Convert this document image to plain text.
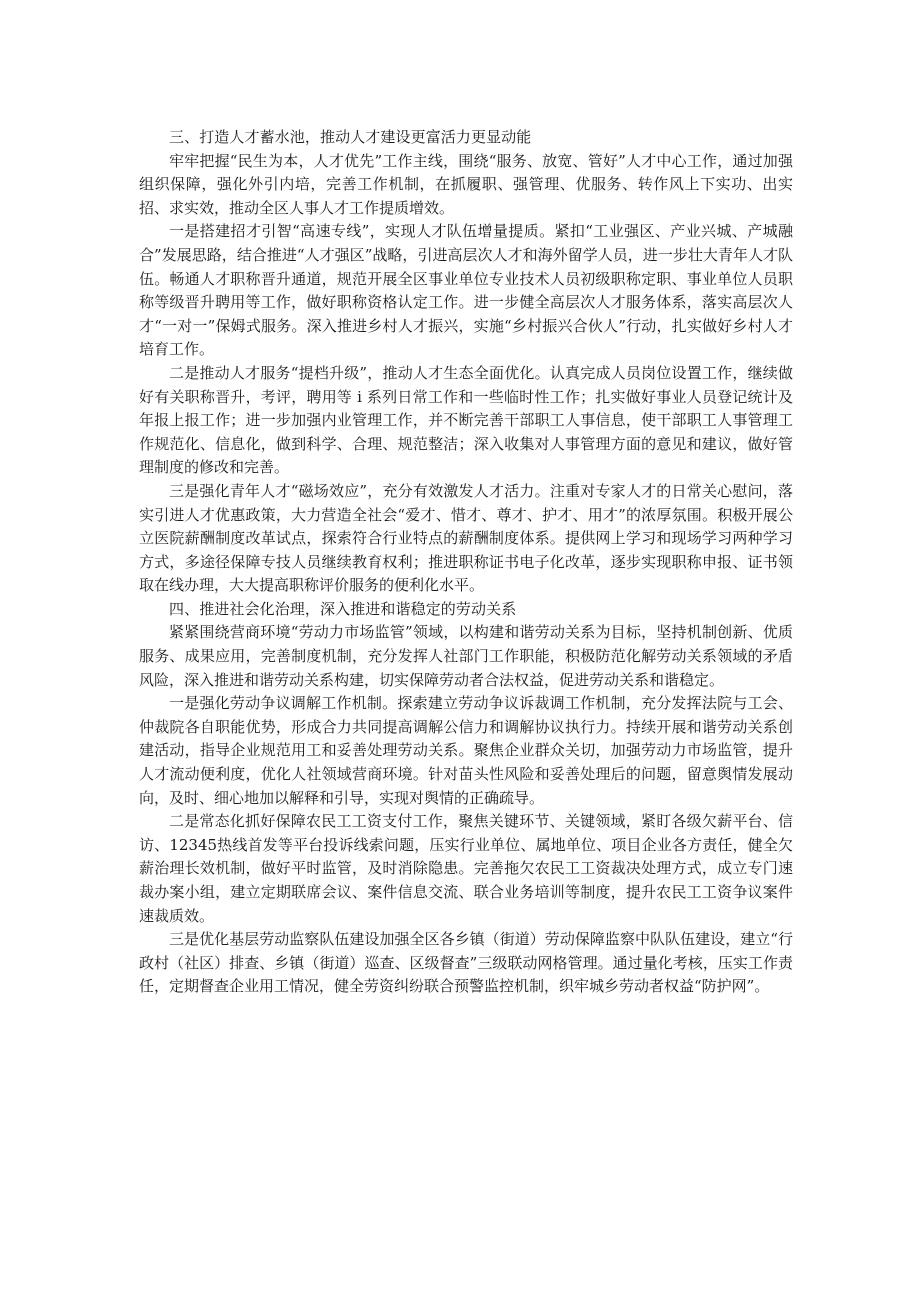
三、打造人才蓄水池，推动人才建设更富活力更显动能

牢牢把握“民生为本，人才优先”工作主线，围绕“服务、放宽、管好”人才中心工作，通过加强组织保障，强化外引内培，完善工作机制，在抓履职、强管理、优服务、转作风上下实功、出实招、求实效，推动全区人事人才工作提质增效。

一是搭建招才引智“高速专线”，实现人才队伍增量提质。紧扣“工业强区、产业兴城、产城融合”发展思路，结合推进“人才强区”战略，引进高层次人才和海外留学人员，进一步壮大青年人才队伍。畅通人才职称晋升通道，规范开展全区事业单位专业技术人员初级职称定职、事业单位人员职称等级晋升聘用等工作，做好职称资格认定工作。进一步健全高层次人才服务体系，落实高层次人才“一对一”保姆式服务。深入推进乡村人才振兴，实施“乡村振兴合伙人”行动，扎实做好乡村人才培育工作。

二是推动人才服务“提档升级”，推动人才生态全面优化。认真完成人员岗位设置工作，继续做好有关职称晋升，考评，聘用等 i 系列日常工作和一些临时性工作；扎实做好事业人员登记统计及年报上报工作；进一步加强内业管理工作，并不断完善干部职工人事信息，使干部职工人事管理工作规范化、信息化，做到科学、合理、规范整洁；深入收集对人事管理方面的意见和建议，做好管理制度的修改和完善。

三是强化青年人才“磁场效应”，充分有效激发人才活力。注重对专家人才的日常关心慰问，落实引进人才优惠政策，大力营造全社会“爱才、惜才、尊才、护才、用才”的浓厚氛围。积极开展公立医院薪酬制度改革试点，探索符合行业特点的薪酬制度体系。提供网上学习和现场学习两种学习方式，多途径保障专技人员继续教育权利；推进职称证书电子化改革，逐步实现职称申报、证书领取在线办理，大大提高职称评价服务的便利化水平。

四、推进社会化治理，深入推进和谐稳定的劳动关系

紧紧围绕营商环境“劳动力市场监管”领域，以构建和谐劳动关系为目标，坚持机制创新、优质服务、成果应用，完善制度机制，充分发挥人社部门工作职能，积极防范化解劳动关系领域的矛盾风险，深入推进和谐劳动关系构建，切实保障劳动者合法权益，促进劳动关系和谐稳定。

一是强化劳动争议调解工作机制。探索建立劳动争议诉裁调工作机制，充分发挥法院与工会、仲裁院各自职能优势，形成合力共同提高调解公信力和调解协议执行力。持续开展和谐劳动关系创建活动，指导企业规范用工和妥善处理劳动关系。聚焦企业群众关切，加强劳动力市场监管，提升人才流动便利度，优化人社领域营商环境。针对苗头性风险和妥善处理后的问题，留意舆情发展动向，及时、细心地加以解释和引导，实现对舆情的正确疏导。

二是常态化抓好保障农民工工资支付工作，聚焦关键环节、关键领域，紧盯各级欠薪平台、信访、12345热线首发等平台投诉线索问题，压实行业单位、属地单位、项目企业各方责任，健全欠薪治理长效机制，做好平时监管，及时消除隐患。完善拖欠农民工工资裁决处理方式，成立专门速裁办案小组，建立定期联席会议、案件信息交流、联合业务培训等制度，提升农民工工资争议案件速裁质效。

三是优化基层劳动监察队伍建设加强全区各乡镇（街道）劳动保障监察中队队伍建设，建立“行政村（社区）排查、乡镇（街道）巡查、区级督查”三级联动网格管理。通过量化考核，压实工作责任，定期督查企业用工情况，健全劳资纠纷联合预警监控机制，织牢城乡劳动者权益“防护网”。
